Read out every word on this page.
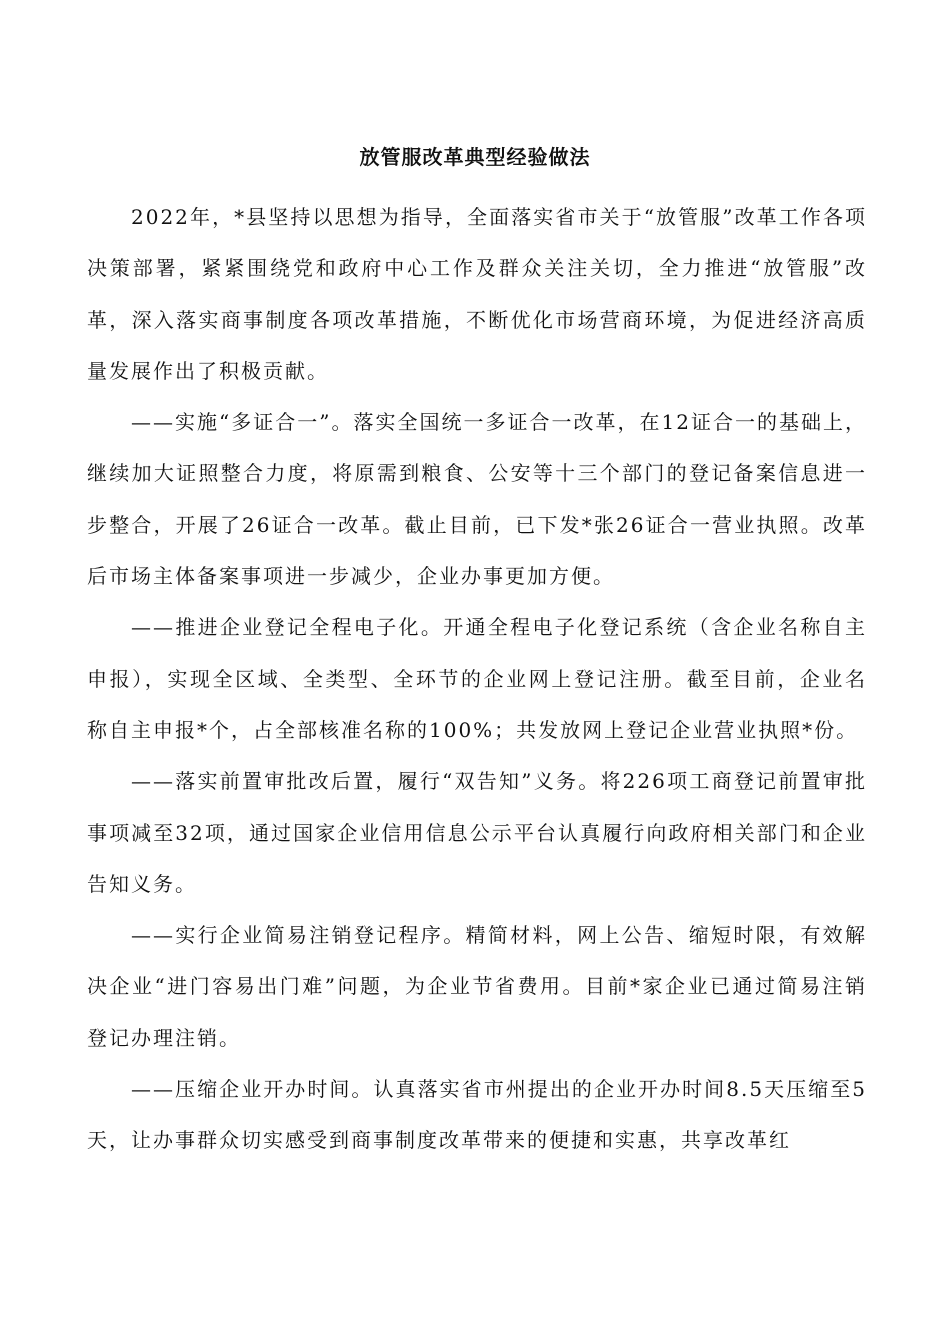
放管服改革典型经验做法

2022年，*县坚持以思想为指导，全面落实省市关于“放管服”改革工作各项决策部署，紧紧围绕党和政府中心工作及群众关注关切，全力推进“放管服”改革，深入落实商事制度各项改革措施，不断优化市场营商环境，为促进经济高质量发展作出了积极贡献。

——实施“多证合一”。落实全国统一多证合一改革，在12证合一的基础上，继续加大证照整合力度，将原需到粮食、公安等十三个部门的登记备案信息进一步整合，开展了26证合一改革。截止目前，已下发*张26证合一营业执照。改革后市场主体备案事项进一步减少，企业办事更加方便。

——推进企业登记全程电子化。开通全程电子化登记系统（含企业名称自主申报），实现全区域、全类型、全环节的企业网上登记注册。截至目前，企业名称自主申报*个，占全部核准名称的100%；共发放网上登记企业营业执照*份。

——落实前置审批改后置，履行“双告知”义务。将226项工商登记前置审批事项减至32项，通过国家企业信用信息公示平台认真履行向政府相关部门和企业告知义务。

——实行企业简易注销登记程序。精简材料，网上公告、缩短时限，有效解决企业“进门容易出门难”问题，为企业节省费用。目前*家企业已通过简易注销登记办理注销。

——压缩企业开办时间。认真落实省市州提出的企业开办时间8.5天压缩至5天，让办事群众切实感受到商事制度改革带来的便捷和实惠，共享改革红
